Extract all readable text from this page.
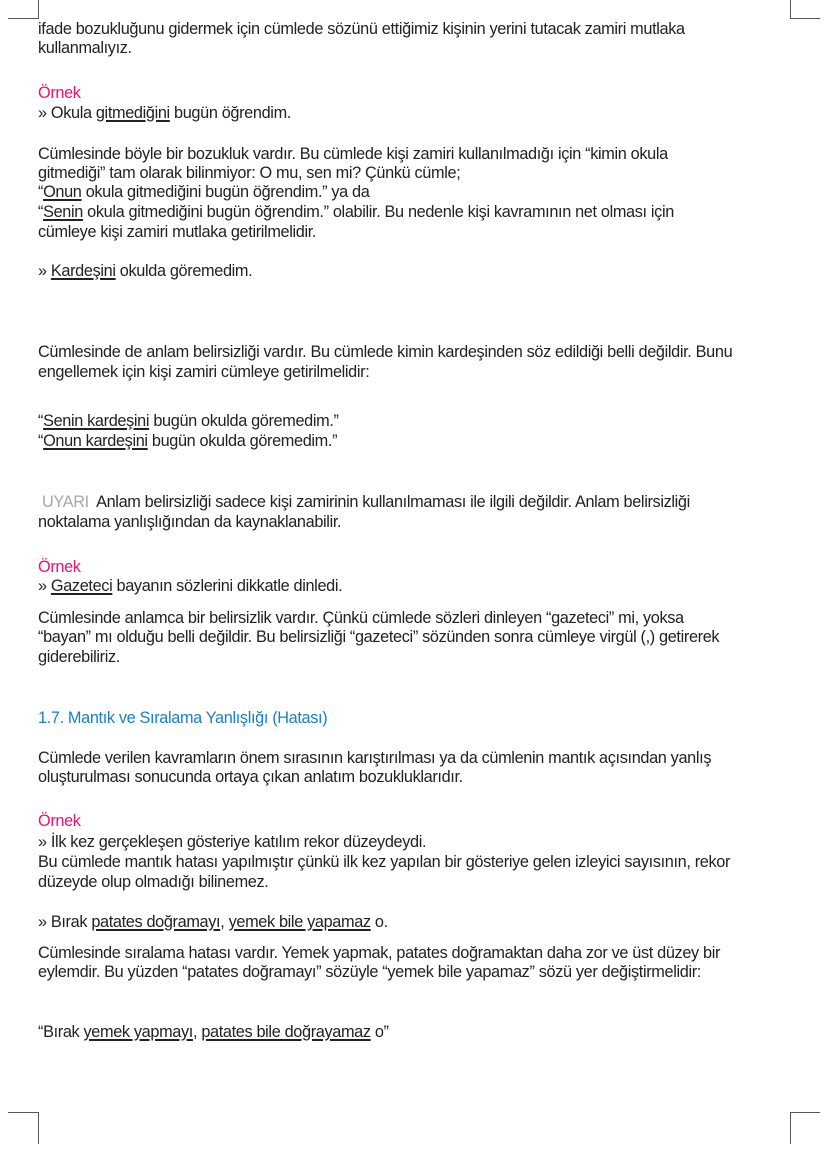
ifade bozukluğunu gidermek için cümlede sözünü ettiğimiz kişinin yerini tutacak zamiri mutlaka
kullanmalıyız.
Örnek
» Okula gitmediğini bugün öğrendim.
Cümlesinde böyle bir bozukluk vardır. Bu cümlede kişi zamiri kullanılmadığı için “kimin okula
gitmediği” tam olarak bilinmiyor: O mu, sen mi? Çünkü cümle;
“Onun okula gitmediğini bugün öğrendim.” ya da
“Senin okula gitmediğini bugün öğrendim.” olabilir. Bu nedenle kişi kavramının net olması için
cümleye kişi zamiri mutlaka getirilmelidir.
» Kardeşini okulda göremedim.
Cümlesinde de anlam belirsizliği vardır. Bu cümlede kimin kardeşinden söz edildiği belli değildir. Bunu
engellemek için kişi zamiri cümleye getirilmelidir:
“Senin kardeşini bugün okulda göremedim.”
“Onun kardeşini bugün okulda göremedim.”
UYARI Anlam belirsizliği sadece kişi zamirinin kullanılmaması ile ilgili değildir. Anlam belirsizliği
noktalama yanlışlığından da kaynaklanabilir.
Örnek
» Gazeteci bayanın sözlerini dikkatle dinledi.
Cümlesinde anlamca bir belirsizlik vardır. Çünkü cümlede sözleri dinleyen “gazeteci” mi, yoksa
“bayan” mı olduğu belli değildir. Bu belirsizliği “gazeteci” sözünden sonra cümleye virgül (,) getirerek
giderebiliriz.
1.7. Mantık ve Sıralama Yanlışlığı (Hatası)
Cümlede verilen kavramların önem sırasının karıştırılması ya da cümlenin mantık açısından yanlış
oluşturulması sonucunda ortaya çıkan anlatım bozukluklarıdır.
Örnek
» İlk kez gerçekleşen gösteriye katılım rekor düzeydeydi.
Bu cümlede mantık hatası yapılmıştır çünkü ilk kez yapılan bir gösteriye gelen izleyici sayısının, rekor
düzeyde olup olmadığı bilinemez.
» Bırak patates doğramayı, yemek bile yapamaz o.
Cümlesinde sıralama hatası vardır. Yemek yapmak, patates doğramaktan daha zor ve üst düzey bir
eylemdir. Bu yüzden “patates doğramayı” sözüyle “yemek bile yapamaz” sözü yer değiştirmelidir:
“Bırak yemek yapmayı, patates bile doğrayamaz o”
